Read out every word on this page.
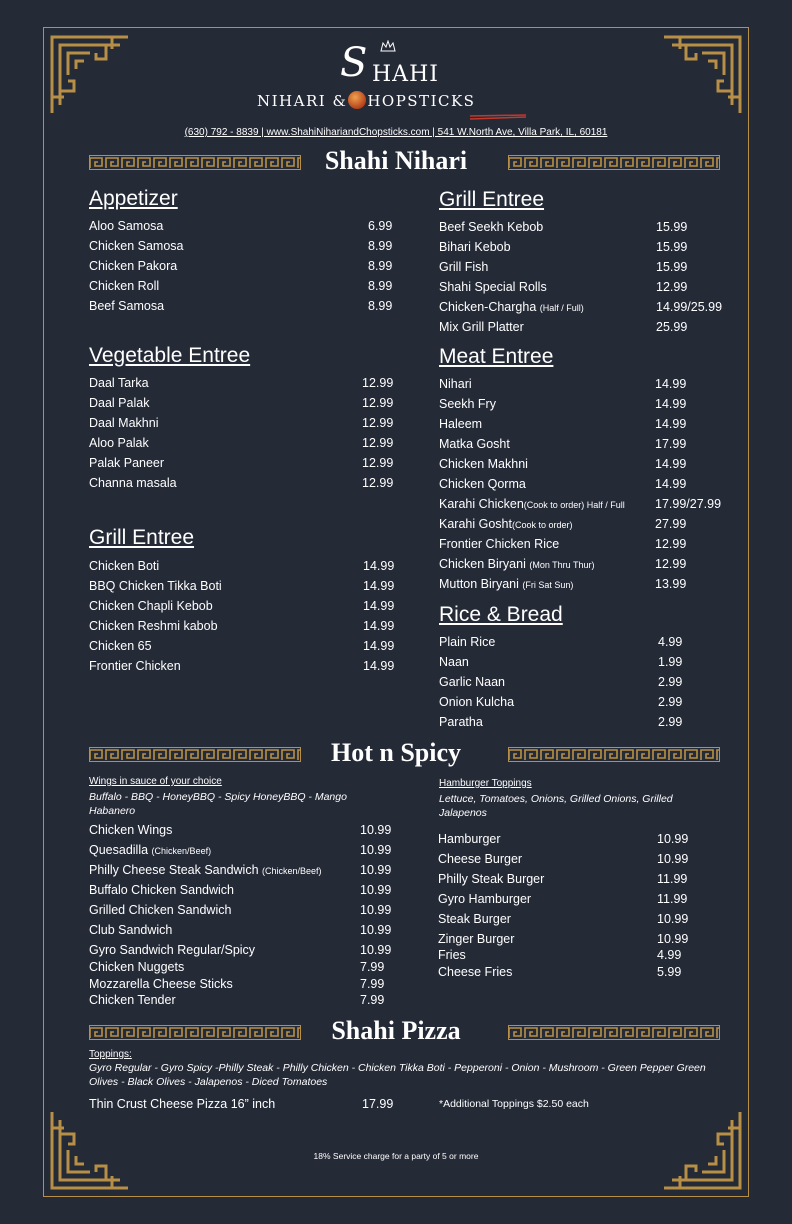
S HAHI
NIHARI & HOPSTICKS
(630) 792 - 8839 | www.ShahiNihariandChopsticks.com | 541 W.North Ave, Villa Park, IL, 60181
Shahi Nihari
Appetizer
Aloo Samosa	6.99
Chicken Samosa	8.99
Chicken Pakora	8.99
Chicken Roll	8.99
Beef Samosa	8.99
Vegetable Entree
Daal Tarka	12.99
Daal Palak	12.99
Daal Makhni	12.99
Aloo Palak	12.99
Palak Paneer	12.99
Channa masala	12.99
Grill Entree
Chicken Boti	14.99
BBQ Chicken Tikka Boti	14.99
Chicken Chapli Kebob	14.99
Chicken Reshmi kabob	14.99
Chicken 65	14.99
Frontier Chicken	14.99
Grill Entree
Beef Seekh Kebob	15.99
Bihari Kebob	15.99
Grill Fish	15.99
Shahi Special Rolls	12.99
Chicken-Chargha (Half / Full)	14.99/25.99
Mix Grill Platter	25.99
Meat Entree
Nihari	14.99
Seekh Fry	14.99
Haleem	14.99
Matka Gosht	17.99
Chicken Makhni	14.99
Chicken Qorma	14.99
Karahi Chicken(Cook to order) Half / Full 17.99/27.99
Karahi Gosht(Cook to order)	27.99
Frontier Chicken Rice	12.99
Chicken Biryani (Mon Thru Thur)	12.99
Mutton Biryani (Fri Sat Sun)	13.99
Rice & Bread
Plain Rice	4.99
Naan	1.99
Garlic Naan	2.99
Onion Kulcha	2.99
Paratha	2.99
Hot n Spicy
Wings in sauce of your choice
Buffalo - BBQ - HoneyBBQ - Spicy HoneyBBQ - Mango Habanero
Chicken Wings	10.99
Quesadilla (Chicken/Beef)	10.99
Philly Cheese Steak Sandwich (Chicken/Beef)	10.99
Buffalo Chicken Sandwich	10.99
Grilled Chicken Sandwich	10.99
Club Sandwich	10.99
Gyro Sandwich Regular/Spicy	10.99
Chicken Nuggets	7.99
Mozzarella Cheese Sticks	7.99
Chicken Tender	7.99
Hamburger Toppings
Lettuce, Tomatoes, Onions, Grilled Onions, Grilled Jalapenos
Hamburger	10.99
Cheese Burger	10.99
Philly Steak Burger	11.99
Gyro Hamburger	11.99
Steak Burger	10.99
Zinger Burger	10.99
Fries	4.99
Cheese Fries	5.99
Shahi Pizza
Toppings:
Gyro Regular - Gyro Spicy -Philly Steak - Philly Chicken - Chicken Tikka Boti - Pepperoni - Onion - Mushroom - Green Pepper Green Olives - Black Olives - Jalapenos - Diced Tomatoes
Thin Crust Cheese Pizza 16” inch	17.99	*Additional Toppings $2.50 each
18% Service charge for a party of 5 or more
